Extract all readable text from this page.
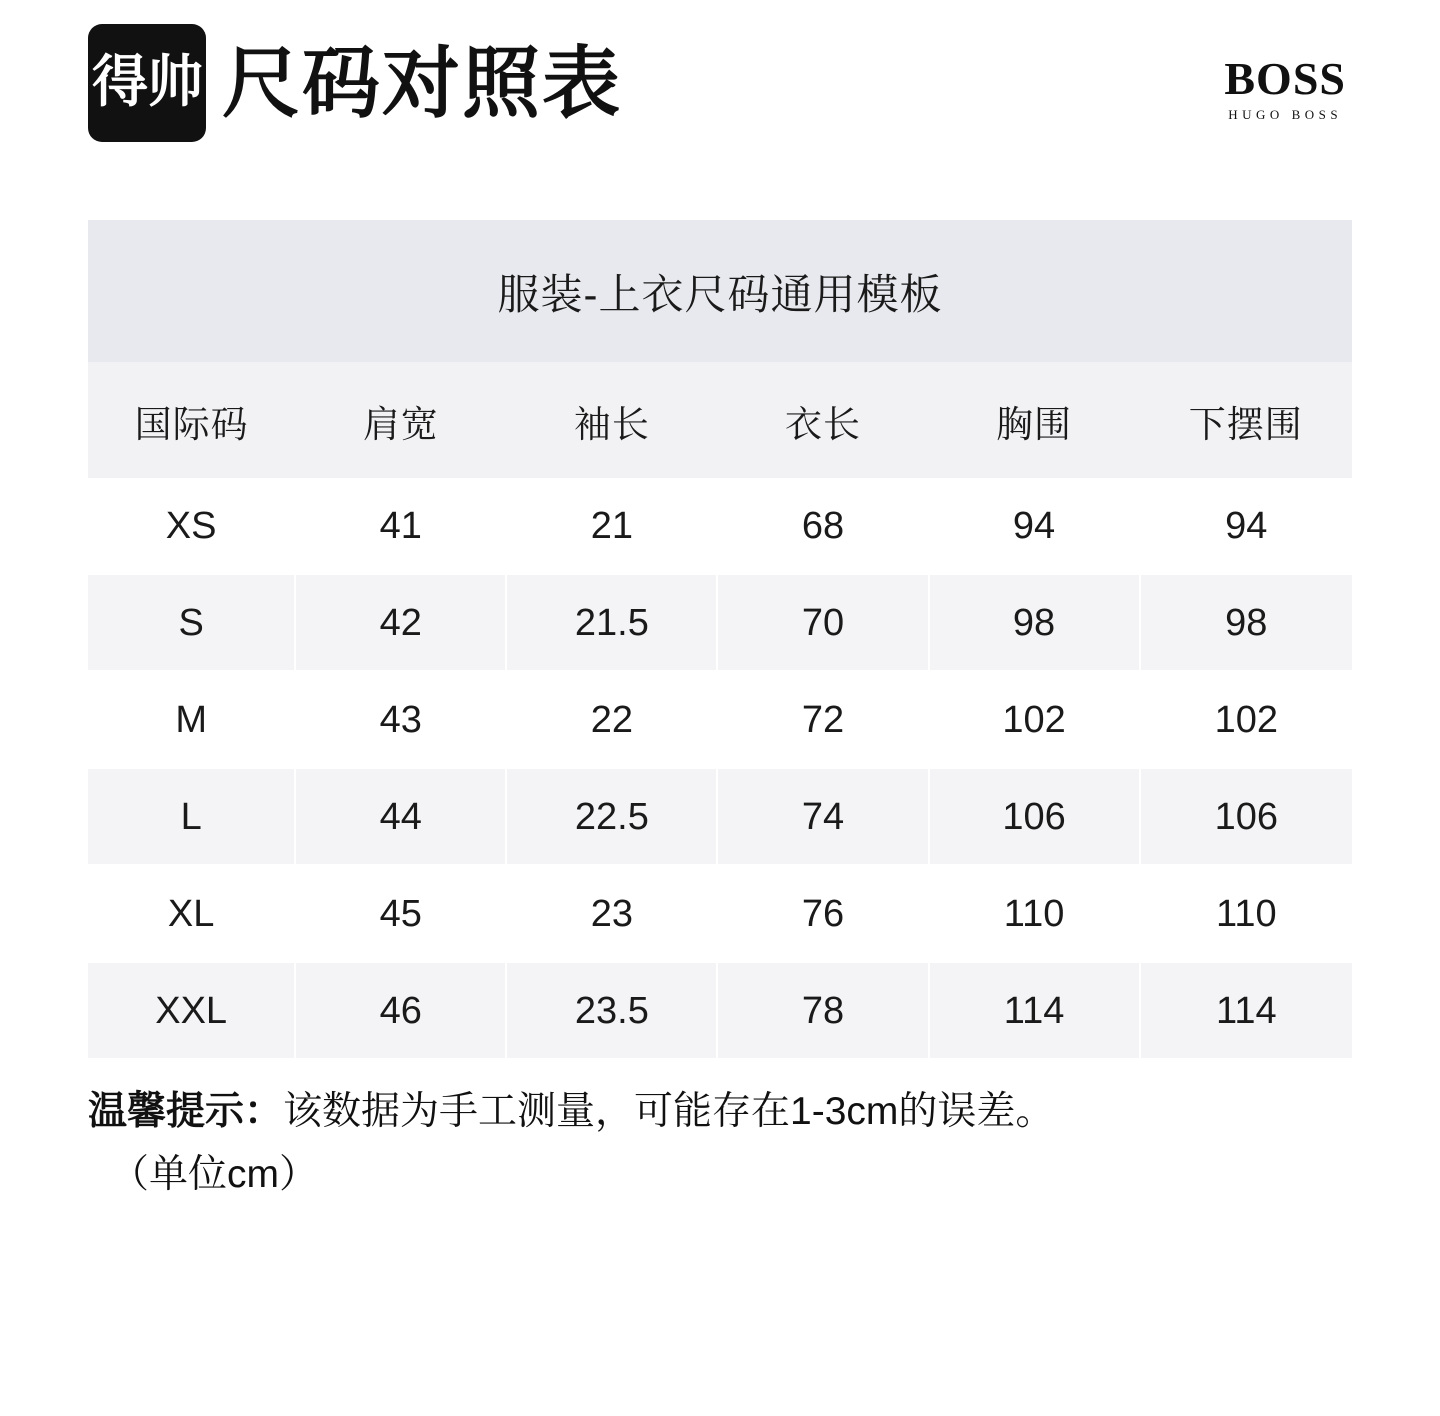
得帅 尺码对照表	BOSS
HUGO BOSS
服装-上衣尺码通用模板
国际码	肩宽	袖长	衣长	胸围	下摆围
XS	41	21	68	94	94
S	42	21.5	70	98	98
M	43	22	72	102	102
L	44	22.5	74	106	106
XL	45	23	76	110	110
XXL	46	23.5	78	114	114
温馨提示：该数据为手工测量，可能存在1-3cm的误差。
（单位cm）
